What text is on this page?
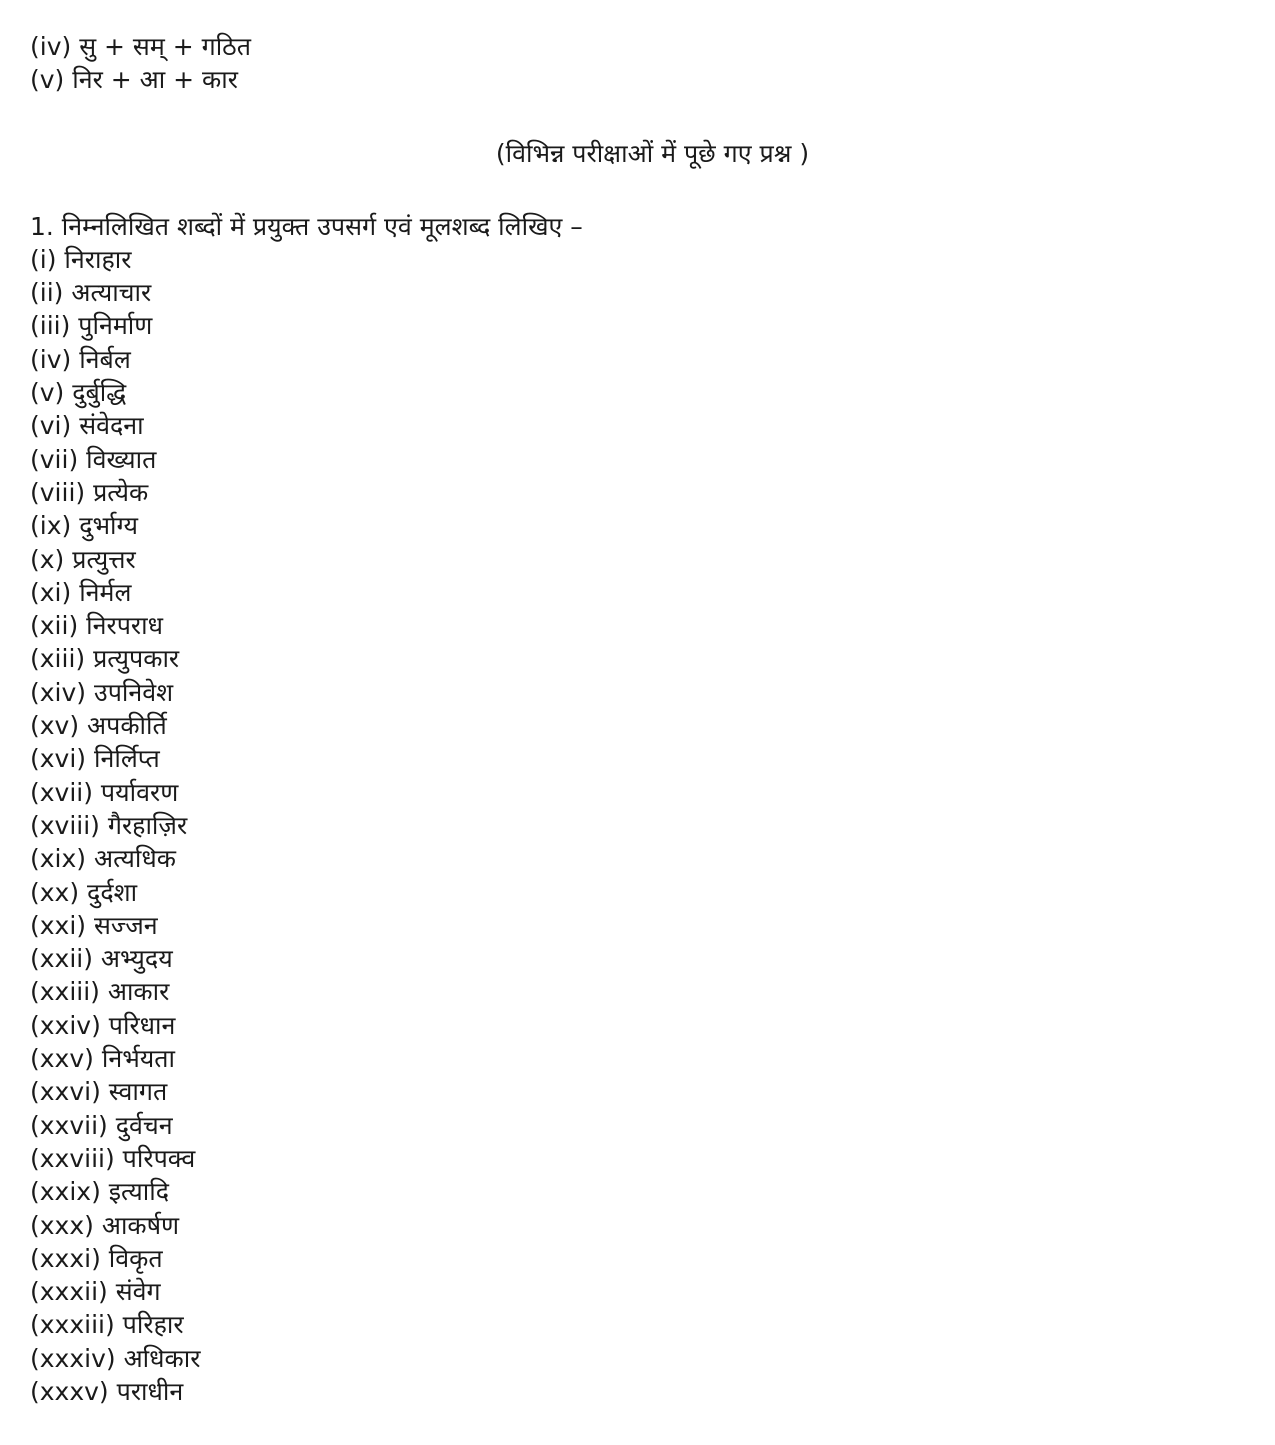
(iv) सु + सम् + गठित
(v) निर + आ + कार
(विभिन्न परीक्षाओं में पूछे गए प्रश्न )
1. निम्नलिखित शब्दों में प्रयुक्त उपसर्ग एवं मूलशब्द लिखिए –
(i) निराहार
(ii) अत्याचार
(iii) पुनिर्माण
(iv) निर्बल
(v) दुर्बुद्धि
(vi) संवेदना
(vii) विख्यात
(viii) प्रत्येक
(ix) दुर्भाग्य
(x) प्रत्युत्तर
(xi) निर्मल
(xii) निरपराध
(xiii) प्रत्युपकार
(xiv) उपनिवेश
(xv) अपकीर्ति
(xvi) निर्लिप्त
(xvii) पर्यावरण
(xviii) गैरहाज़िर
(xix) अत्यधिक
(xx) दुर्दशा
(xxi) सज्जन
(xxii) अभ्युदय
(xxiii) आकार
(xxiv) परिधान
(xxv) निर्भयता
(xxvi) स्वागत
(xxvii) दुर्वचन
(xxviii) परिपक्व
(xxix) इत्यादि
(xxx) आकर्षण
(xxxi) विकृत
(xxxii) संवेग
(xxxiii) परिहार
(xxxiv) अधिकार
(xxxv) पराधीन
